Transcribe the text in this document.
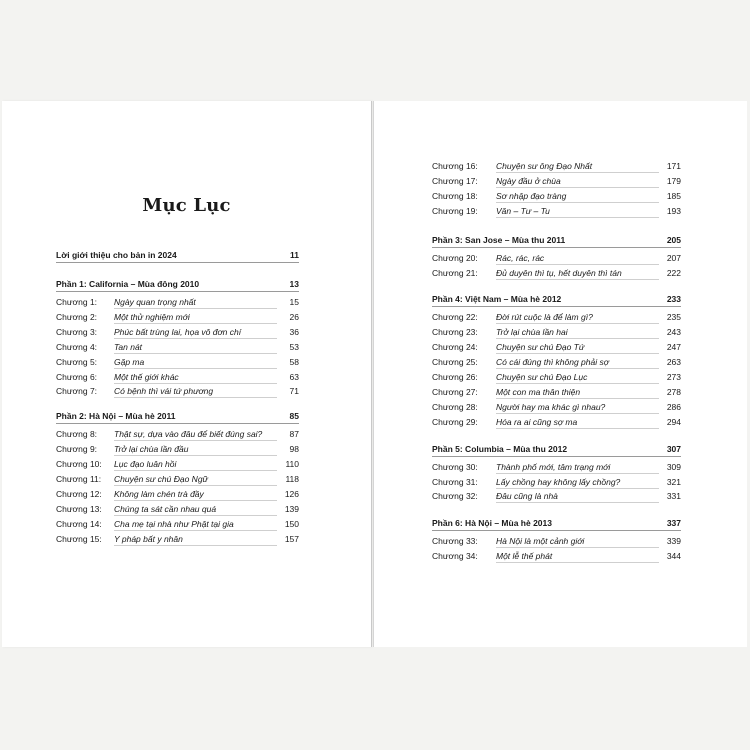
Mục Lục
Lời giới thiệu cho bản in 2024	11
Phần 1: California – Mùa đông 2010	13
Chương 1: Ngày quan trọng nhất	15
Chương 2: Một thử nghiệm mới	26
Chương 3: Phúc bất trùng lai, họa vô đơn chí	36
Chương 4: Tan nát	53
Chương 5: Gặp ma	58
Chương 6: Một thế giới khác	63
Chương 7: Có bệnh thì vái tứ phương	71
Phần 2: Hà Nội – Mùa hè 2011	85
Chương 8: Thật sự, dựa vào đâu để biết đúng sai?	87
Chương 9: Trở lại chùa lần đầu	98
Chương 10: Lục đạo luân hồi	110
Chương 11: Chuyện sư chú Đạo Ngữ	118
Chương 12: Không làm chén trà đầy	126
Chương 13: Chúng ta sát cần nhau quá	139
Chương 14: Cha mẹ tại nhà như Phật tại gia	150
Chương 15: Y pháp bất y nhân	157
Chương 16: Chuyện sư ông Đạo Nhất	171
Chương 17: Ngày đầu ở chùa	179
Chương 18: Sơ nhập đạo tràng	185
Chương 19: Văn – Tư – Tu	193
Phần 3: San Jose – Mùa thu 2011	205
Chương 20: Rác, rác, rác	207
Chương 21: Đủ duyên thì tụ, hết duyên thì tán	222
Phần 4: Việt Nam – Mùa hè 2012	233
Chương 22: Đời rút cuộc là để làm gì?	235
Chương 23: Trở lại chùa lần hai	243
Chương 24: Chuyện sư chú Đạo Tứ	247
Chương 25: Có cái đúng thì không phải sợ	263
Chương 26: Chuyện sư chú Đạo Lục	273
Chương 27: Một con ma thân thiện	278
Chương 28: Người hay ma khác gì nhau?	286
Chương 29: Hóa ra ai cũng sợ ma	294
Phần 5: Columbia – Mùa thu 2012	307
Chương 30: Thành phố mới, tâm trạng mới	309
Chương 31: Lấy chồng hay không lấy chồng?	321
Chương 32: Đâu cũng là nhà	331
Phần 6: Hà Nội – Mùa hè 2013	337
Chương 33: Hà Nội là một cảnh giới	339
Chương 34: Một lễ thế phát	344
